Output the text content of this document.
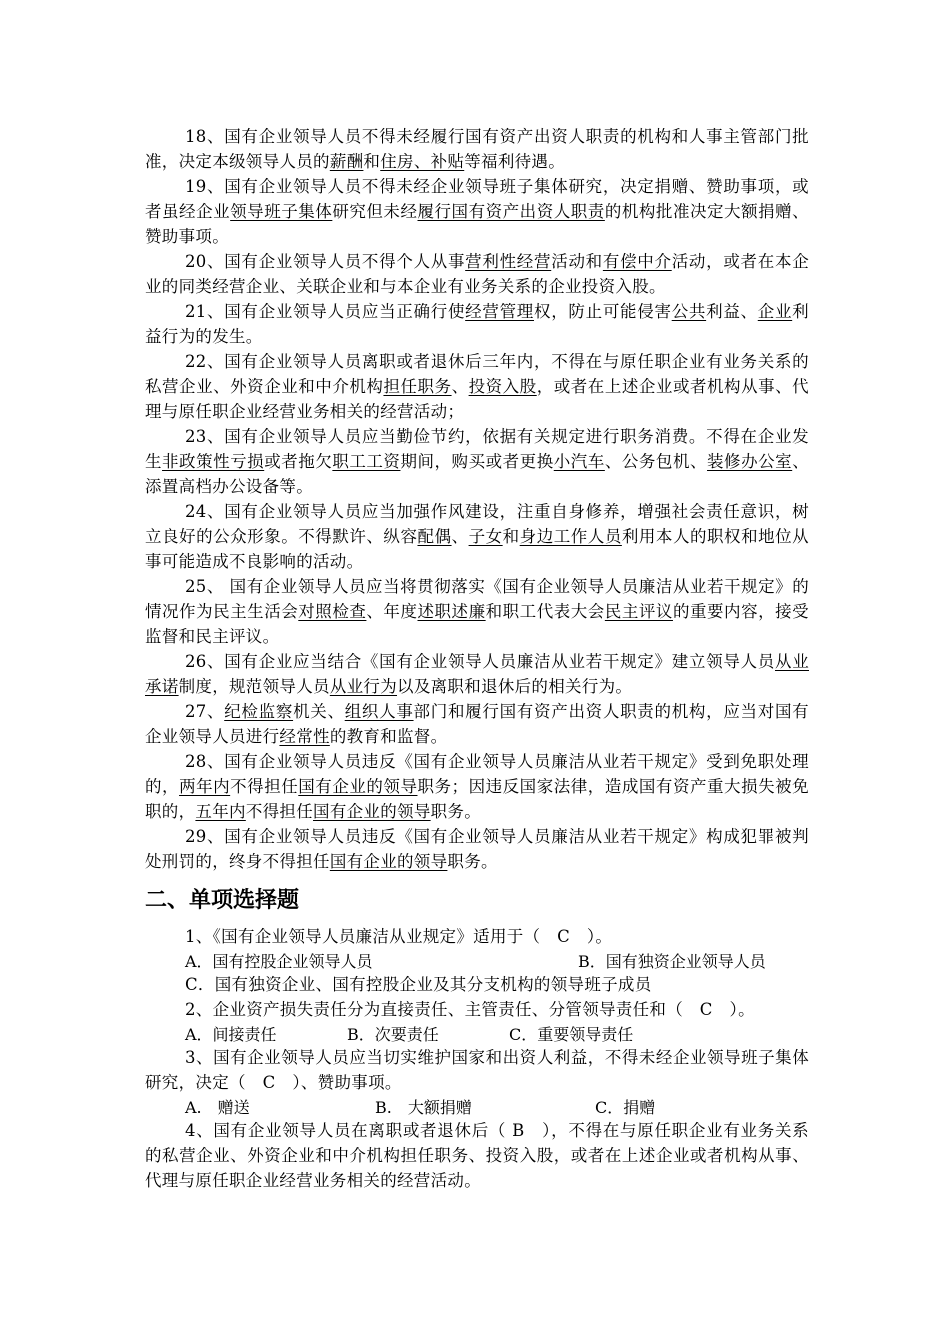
18、国有企业领导人员不得未经履行国有资产出资人职责的机构和人事主管部门批准，决定本级领导人员的薪酬和住房、补贴等福利待遇。

19、国有企业领导人员不得未经企业领导班子集体研究，决定捐赠、赞助事项，或者虽经企业领导班子集体研究但未经履行国有资产出资人职责的机构批准决定大额捐赠、赞助事项。

20、国有企业领导人员不得个人从事营利性经营活动和有偿中介活动，或者在本企业的同类经营企业、关联企业和与本企业有业务关系的企业投资入股。

21、国有企业领导人员应当正确行使经营管理权，防止可能侵害公共利益、企业利益行为的发生。

22、国有企业领导人员离职或者退休后三年内，不得在与原任职企业有业务关系的私营企业、外资企业和中介机构担任职务、投资入股，或者在上述企业或者机构从事、代理与原任职企业经营业务相关的经营活动；

23、国有企业领导人员应当勤俭节约，依据有关规定进行职务消费。不得在企业发生非政策性亏损或者拖欠职工工资期间，购买或者更换小汽车、公务包机、装修办公室、添置高档办公设备等。

24、国有企业领导人员应当加强作风建设，注重自身修养，增强社会责任意识，树立良好的公众形象。不得默许、纵容配偶、子女和身边工作人员利用本人的职权和地位从事可能造成不良影响的活动。

25、 国有企业领导人员应当将贯彻落实《国有企业领导人员廉洁从业若干规定》的情况作为民主生活会对照检查、年度述职述廉和职工代表大会民主评议的重要内容，接受监督和民主评议。

26、国有企业应当结合《国有企业领导人员廉洁从业若干规定》建立领导人员从业承诺制度，规范领导人员从业行为以及离职和退休后的相关行为。

27、纪检监察机关、组织人事部门和履行国有资产出资人职责的机构，应当对国有企业领导人员进行经常性的教育和监督。

28、国有企业领导人员违反《国有企业领导人员廉洁从业若干规定》受到免职处理的，两年内不得担任国有企业的领导职务；因违反国家法律，造成国有资产重大损失被免职的，五年内不得担任国有企业的领导职务。

29、国有企业领导人员违反《国有企业领导人员廉洁从业若干规定》构成犯罪被判处刑罚的，终身不得担任国有企业的领导职务。

二、单项选择题

1、《国有企业领导人员廉洁从业规定》适用于（　C　）。

A．国有控股企业领导人员	B．国有独资企业领导人员

C．国有独资企业、国有控股企业及其分支机构的领导班子成员

2、企业资产损失责任分为直接责任、主管责任、分管领导责任和（　C　）。

A．间接责任	B．次要责任	C．重要领导责任

3、国有企业领导人员应当切实维护国家和出资人利益，不得未经企业领导班子集体研究，决定（　C　）、赞助事项。

A.　赠送	B.　大额捐赠	C．捐赠

4、国有企业领导人员在离职或者退休后（ B　），不得在与原任职企业有业务关系的私营企业、外资企业和中介机构担任职务、投资入股，或者在上述企业或者机构从事、代理与原任职企业经营业务相关的经营活动。
